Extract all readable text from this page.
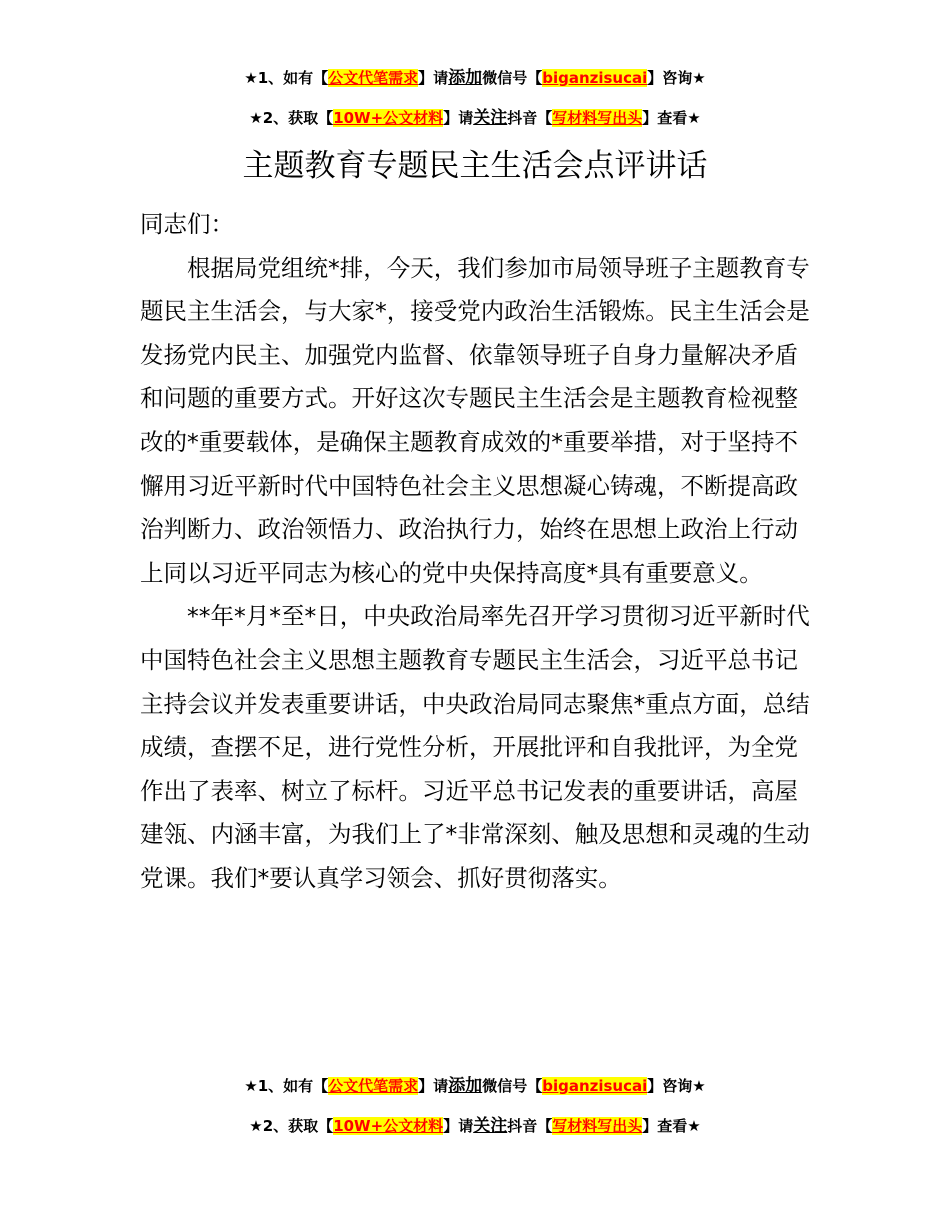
★1、如有【公文代笔需求】请添加微信号【biganzisucai】咨询★
★2、获取【10W+公文材料】请关注抖音【写材料写出头】查看★
主题教育专题民主生活会点评讲话

同志们：

根据局党组统*排，今天，我们参加市局领导班子主题教育专题民主生活会，与大家*，接受党内政治生活锻炼。民主生活会是发扬党内民主、加强党内监督、依靠领导班子自身力量解决矛盾和问题的重要方式。开好这次专题民主生活会是主题教育检视整改的*重要载体，是确保主题教育成效的*重要举措，对于坚持不懈用习近平新时代中国特色社会主义思想凝心铸魂，不断提高政治判断力、政治领悟力、政治执行力，始终在思想上政治上行动上同以习近平同志为核心的党中央保持高度*具有重要意义。

**年*月*至*日，中央政治局率先召开学习贯彻习近平新时代中国特色社会主义思想主题教育专题民主生活会，习近平总书记主持会议并发表重要讲话，中央政治局同志聚焦*重点方面，总结成绩，查摆不足，进行党性分析，开展批评和自我批评，为全党作出了表率、树立了标杆。习近平总书记发表的重要讲话，高屋建瓴、内涵丰富，为我们上了*非常深刻、触及思想和灵魂的生动党课。我们*要认真学习领会、抓好贯彻落实。

★1、如有【公文代笔需求】请添加微信号【biganzisucai】咨询★
★2、获取【10W+公文材料】请关注抖音【写材料写出头】查看★
